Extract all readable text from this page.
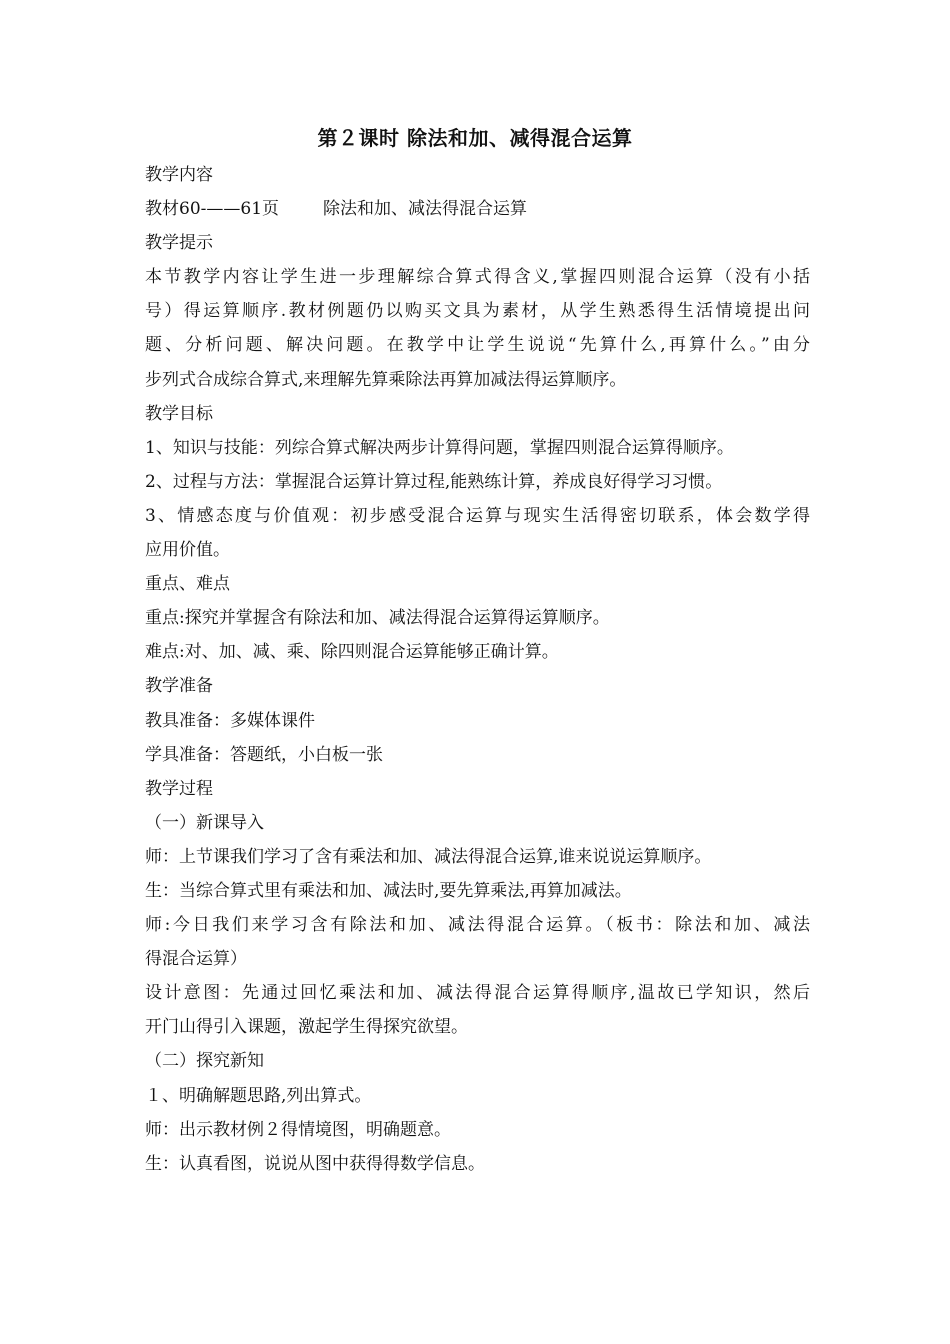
第２课时 除法和加、减得混合运算
教学内容
教材60-——61页	除法和加、减法得混合运算
教学提示
本节教学内容让学生进一步理解综合算式得含义,掌握四则混合运算（没有小括
号）得运算顺序.教材例题仍以购买文具为素材，从学生熟悉得生活情境提出问
题、分析问题、解决问题。在教学中让学生说说“先算什么,再算什么。”由分
步列式合成综合算式,来理解先算乘除法再算加减法得运算顺序。
教学目标
1、知识与技能：列综合算式解决两步计算得问题，掌握四则混合运算得顺序。
2、过程与方法：掌握混合运算计算过程,能熟练计算，养成良好得学习习惯。
3、情感态度与价值观：初步感受混合运算与现实生活得密切联系，体会数学得
应用价值。
重点、难点
重点:探究并掌握含有除法和加、减法得混合运算得运算顺序。
难点:对、加、减、乘、除四则混合运算能够正确计算。
教学准备
教具准备：多媒体课件
学具准备：答题纸，小白板一张
教学过程
（一）新课导入
师：上节课我们学习了含有乘法和加、减法得混合运算,谁来说说运算顺序。
生：当综合算式里有乘法和加、减法时,要先算乘法,再算加减法。
师:今日我们来学习含有除法和加、减法得混合运算。（板书：除法和加、减法
得混合运算）
设计意图：先通过回忆乘法和加、减法得混合运算得顺序,温故已学知识，然后
开门山得引入课题，激起学生得探究欲望。
（二）探究新知
１、明确解题思路,列出算式。
师：出示教材例２得情境图，明确题意。
生：认真看图，说说从图中获得得数学信息。
